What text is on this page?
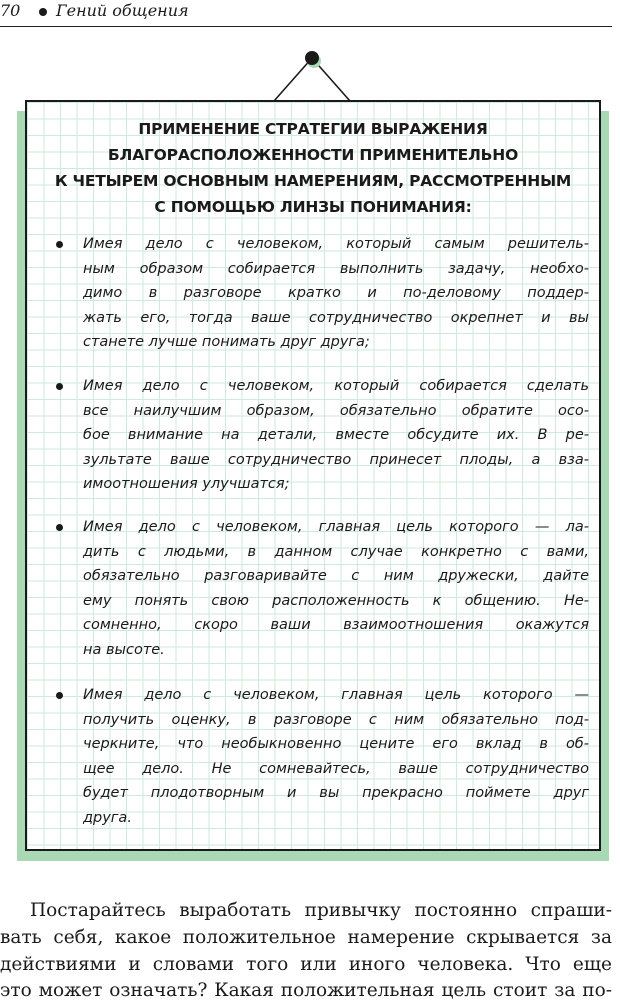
70 Гений общения
ПРИМЕНЕНИЕ СТРАТЕГИИ ВЫРАЖЕНИЯ
БЛАГОРАСПОЛОЖЕННОСТИ ПРИМЕНИТЕЛЬНО
К ЧЕТЫРЕМ ОСНОВНЫМ НАМЕРЕНИЯМ, РАССМОТРЕННЫМ
С ПОМОЩЬЮ ЛИНЗЫ ПОНИМАНИЯ:
Имея дело с человеком, который самым решитель-
ным образом собирается выполнить задачу, необхо-
димо в разговоре кратко и по-деловому поддер-
жать его, тогда ваше сотрудничество окрепнет и вы
станете лучше понимать друг друга;
Имея дело с человеком, который собирается сделать
все наилучшим образом, обязательно обратите осо-
бое внимание на детали, вместе обсудите их. В ре-
зультате ваше сотрудничество принесет плоды, а вза-
имоотношения улучшатся;
Имея дело с человеком, главная цель которого — ла-
дить с людьми, в данном случае конкретно с вами,
обязательно разговаривайте с ним дружески, дайте
ему понять свою расположенность к общению. Не-
сомненно, скоро ваши взаимоотношения окажутся
на высоте.
Имея дело с человеком, главная цель которого —
получить оценку, в разговоре с ним обязательно под-
черкните, что необыкновенно цените его вклад в об-
щее дело. Не сомневайтесь, ваше сотрудничество
будет плодотворным и вы прекрасно поймете друг
друга.
Постарайтесь выработать привычку постоянно спраши-
вать себя, какое положительное намерение скрывается за
действиями и словами того или иного человека. Что еще
это может означать? Какая положительная цель стоит за по-
